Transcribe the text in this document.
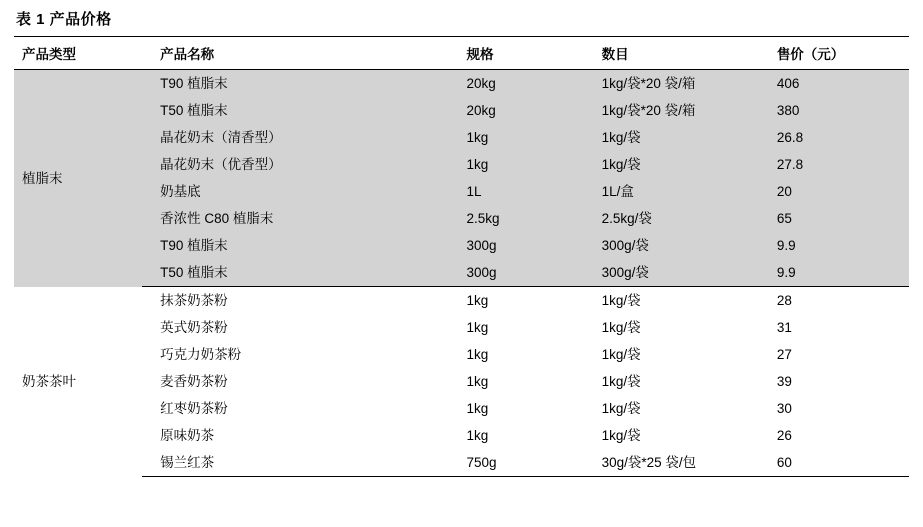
表 1 产品价格
产品类型	产品名称	规格	数目	售价（元）
植脂末	T90 植脂末	20kg	1kg/袋*20 袋/箱	406
	T50 植脂末	20kg	1kg/袋*20 袋/箱	380
	晶花奶末（清香型）	1kg	1kg/袋	26.8
	晶花奶末（优香型）	1kg	1kg/袋	27.8
	奶基底	1L	1L/盒	20
	香浓性 C80 植脂末	2.5kg	2.5kg/袋	65
	T90 植脂末	300g	300g/袋	9.9
	T50 植脂末	300g	300g/袋	9.9
奶茶茶叶	抹茶奶茶粉	1kg	1kg/袋	28
	英式奶茶粉	1kg	1kg/袋	31
	巧克力奶茶粉	1kg	1kg/袋	27
	麦香奶茶粉	1kg	1kg/袋	39
	红枣奶茶粉	1kg	1kg/袋	30
	原味奶茶	1kg	1kg/袋	26
	锡兰红茶	750g	30g/袋*25 袋/包	60
